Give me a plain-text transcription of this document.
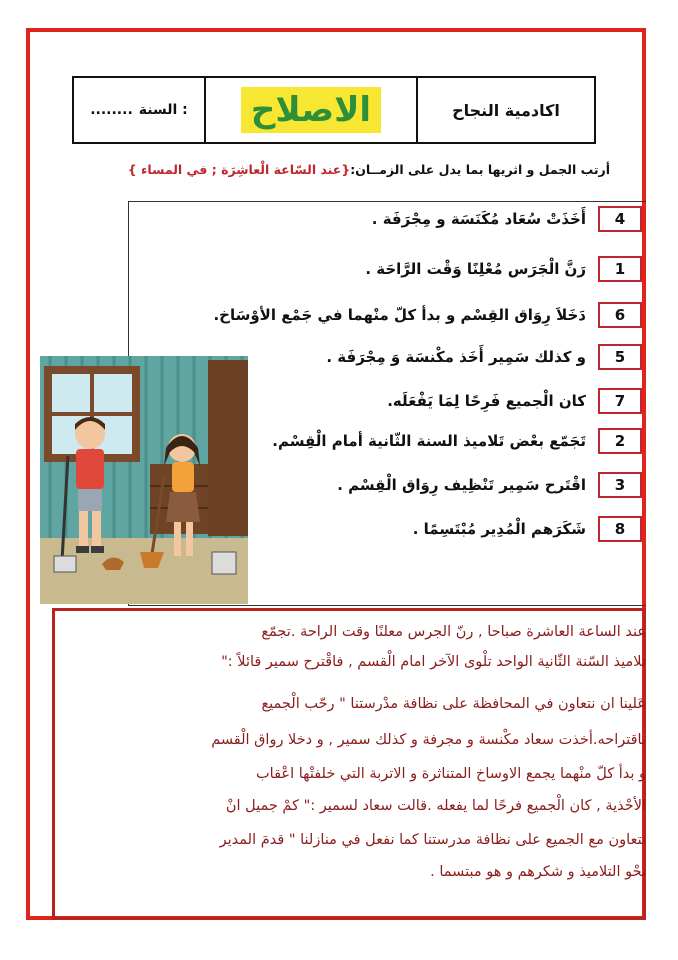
........ السنة : الاصلاح	اكادمية النجاح
أرتب الجمل و اثريها بما يدل على الزمــان:{عند السّاعة الْعاشِرَة ; في المساء }
4
أَخَذَتْ سُعَاد مُكَنَسَة و مِجْرَفَة .
1
رَنَّ الْجَرَس مُعْلِنًا وَقْت الرَّاحَة .
6
دَخَلاَ رِوَاق القِسْم و بدأ كلّ منْهما في جَمْع الأوْسَاخ.
5
و كذلك سَمِير أَخَذ مكْنسَة وَ مِجْرَفَة .
7
كان الْجميع فَرِحًا لِمَا يَفْعَلَه.
2
تَجَمّع بعْض تَلاميذ السنة الثّانية أمام الْقِسْم.
3
اقْتَرح سَمِير تَنْظِيف رِوَاق الْقِسْم .
8
شَكَرَهم الْمُدِير مُبْتَسِمًا .
عند الساعة العاشرة صباحا , رنّ الجرس معلنًا وقت الراحة .تجمّع
تلاميذ السّنة الثّانية الواحد تلْوى الآخر امام الْقسم , فاقْترح سمير قائلاً :"
عَلينا ان نتعاون في المحافظة على نظافة مدْرستنا " رحّب الْجميع
باقتراحه.أخذت سعاد مكْنسة و مجرفة و كذلك سمير , و دخلا رواق الْقسم
و بدأ كلّ منْهما يجمع الاوساخ المتناثرة و الاتربة التي خلفتْها اعْقاب
الأحْذية , كان الْجميع فرحًا لما يفعله .قالت سعاد لسمير :" كمْ جميل انْ
نتعاون مع الجميع على نظافة مدرستنا كما نفعل في منازلنا " قدمَ المدير
نحْو التلاميذ و شكرهم و هو مبتسما .
